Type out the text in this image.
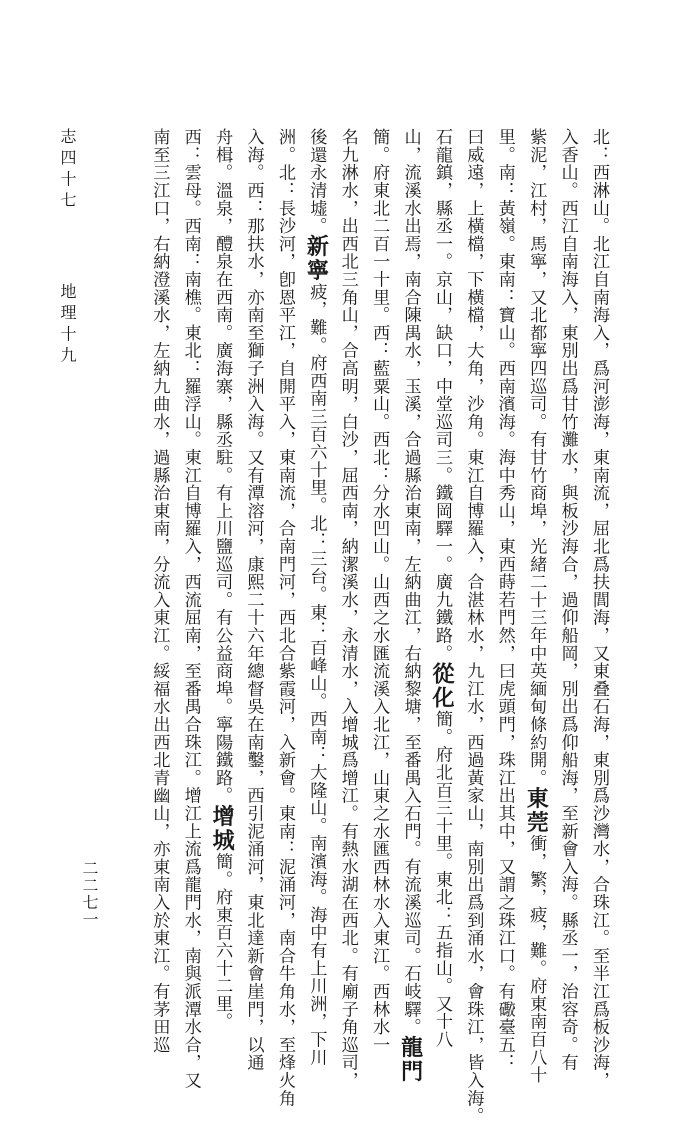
北：西淋山。北江自南海入，爲河澎海，東南流，屈北爲扶閭海，又東叠石海，東別爲沙灣水，合珠江。至半江爲板沙海，
入香山。西江自南海入，東別出爲甘竹灘水，與板沙海合，過仰船岡，別出爲仰船海，至新會入海。縣丞一，治容奇。有
紫泥，江村，馬寧，又北都寧四巡司。有甘竹商埠，光緒二十三年中英緬甸條約開。東莞衝，繁，疲，難。府東南百八十
里。南：黃嶺。東南：寶山。西南濱海。海中秀山，東西蒔若門然，曰虎頭門，珠江出其中，又謂之珠江口。有礮臺五：
曰威遠，上橫檔，下橫檔，大角，沙角。東江自博羅入，合湛林水，九江水，西過黃家山，南別出爲到涌水，會珠江，皆入海。
石龍鎮，縣丞一。京山，缺口，中堂巡司三。鐵岡驛一。廣九鐵路。從化簡。府北百三十里。東北：五指山。又十八
山，流溪水出焉，南合陳禺水，玉溪，合過縣治東南，左納曲江，右納黎塘，至番禺入石門。有流溪巡司。石岐驛。龍門
簡。府東北二百一十里。西：藍粟山。西北：分水凹山。山西之水匯流溪入北江，山東之水匯西林水入東江。西林水一
名九淋水，出西北三角山，合高明，白沙，屈西南，納潔溪水，永清水，入增城爲增江。有熱水湖在西北。有廟子角巡司，
後還永清墟。新寧疲，難。府西南三百六十里。北：三台。東：百峰山。西南：大隆山。南濱海。海中有上川洲，下川
洲。北：長沙河，卽恩平江，自開平入，東南流，合南門河，西北合紫霞河，入新會。東南：泥涌河，南合牛角水，至烽火角
入海。西：那扶水，亦南至獅子洲入海。又有潭溶河，康熙二十六年總督吳在南鑿，西引泥涌河，東北達新會崖門，以通
舟楫。溫泉，醴泉在西南。廣海寨，縣丞駐。有上川鹽巡司。有公益商埠。寧陽鐵路。增城簡。府東百六十二里。
西：雲母。西南：南樵。東北：羅浮山。東江自博羅入，西流屈南，至番禺合珠江。增江上流爲龍門水，南與派潭水合，又
南至三江口，右納澄溪水，左納九曲水，過縣治東南，分流入東江。綏福水出西北青幽山，亦東南入於東江。有茅田巡
志 四 十 七
地 理 十 九
二二七一
